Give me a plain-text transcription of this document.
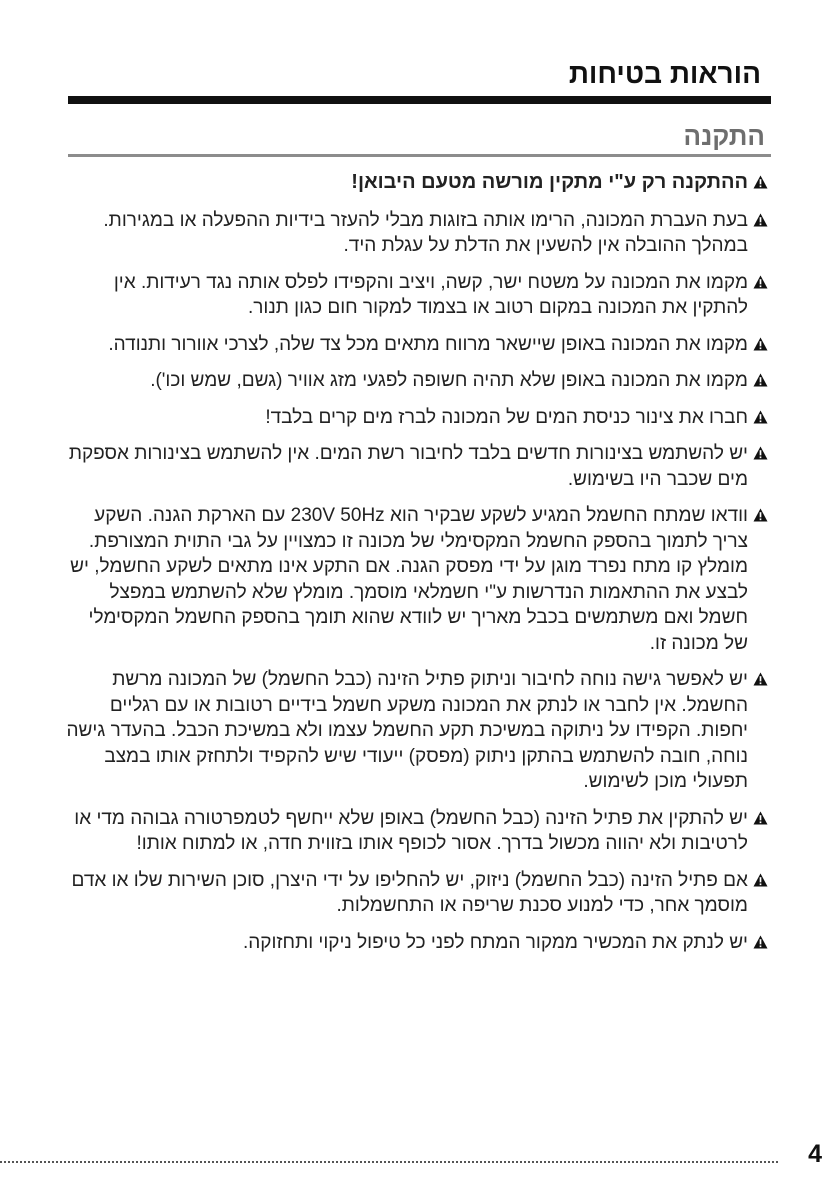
הוראות בטיחות
התקנה
ההתקנה רק ע"י מתקין מורשה מטעם היבואן!
בעת העברת המכונה, הרימו אותה בזוגות מבלי להעזר בידיות ההפעלה או במגירות. במהלך ההובלה אין להשעין את הדלת על עגלת היד.
מקמו את המכונה על משטח ישר, קשה, ויציב והקפידו לפלס אותה נגד רעידות. אין להתקין את המכונה במקום רטוב או בצמוד למקור חום כגון תנור.
מקמו את המכונה באופן שיישאר מרווח מתאים מכל צד שלה, לצרכי אוורור ותנודה.
מקמו את המכונה באופן שלא תהיה חשופה לפגעי מזג אוויר (גשם, שמש וכו').
חברו את צינור כניסת המים של המכונה לברז מים קרים בלבד!
יש להשתמש בצינורות חדשים בלבד לחיבור רשת המים. אין להשתמש בצינורות אספקת מים שכבר היו בשימוש.
וודאו שמתח החשמל המגיע לשקע שבקיר הוא 230V 50Hz עם הארקת הגנה. השקע צריך לתמוך בהספק החשמל המקסימלי של מכונה זו כמצויין על גבי התוית המצורפת. מומלץ קו מתח נפרד מוגן על ידי מפסק הגנה. אם התקע אינו מתאים לשקע החשמל, יש לבצע את ההתאמות הנדרשות ע"י חשמלאי מוסמך. מומלץ שלא להשתמש במפצל חשמל ואם משתמשים בכבל מאריך יש לוודא שהוא תומך בהספק החשמל המקסימלי של מכונה זו.
יש לאפשר גישה נוחה לחיבור וניתוק פתיל הזינה (כבל החשמל) של המכונה מרשת החשמל. אין לחבר או לנתק את המכונה משקע חשמל בידיים רטובות או עם רגליים יחפות. הקפידו על ניתוקה במשיכת תקע החשמל עצמו ולא במשיכת הכבל. בהעדר גישה נוחה, חובה להשתמש בהתקן ניתוק (מפסק) ייעודי שיש להקפיד ולתחזק אותו במצב תפעולי מוכן לשימוש.
יש להתקין את פתיל הזינה (כבל החשמל) באופן שלא ייחשף לטמפרטורה גבוהה מדי או לרטיבות ולא יהווה מכשול בדרך. אסור לכופף אותו בזווית חדה, או למתוח אותו!
אם פתיל הזינה (כבל החשמל) ניזוק, יש להחליפו על ידי היצרן, סוכן השירות שלו או אדם מוסמך אחר, כדי למנוע סכנת שריפה או התחשמלות.
יש לנתק את המכשיר ממקור המתח לפני כל טיפול ניקוי ותחזוקה.
4
